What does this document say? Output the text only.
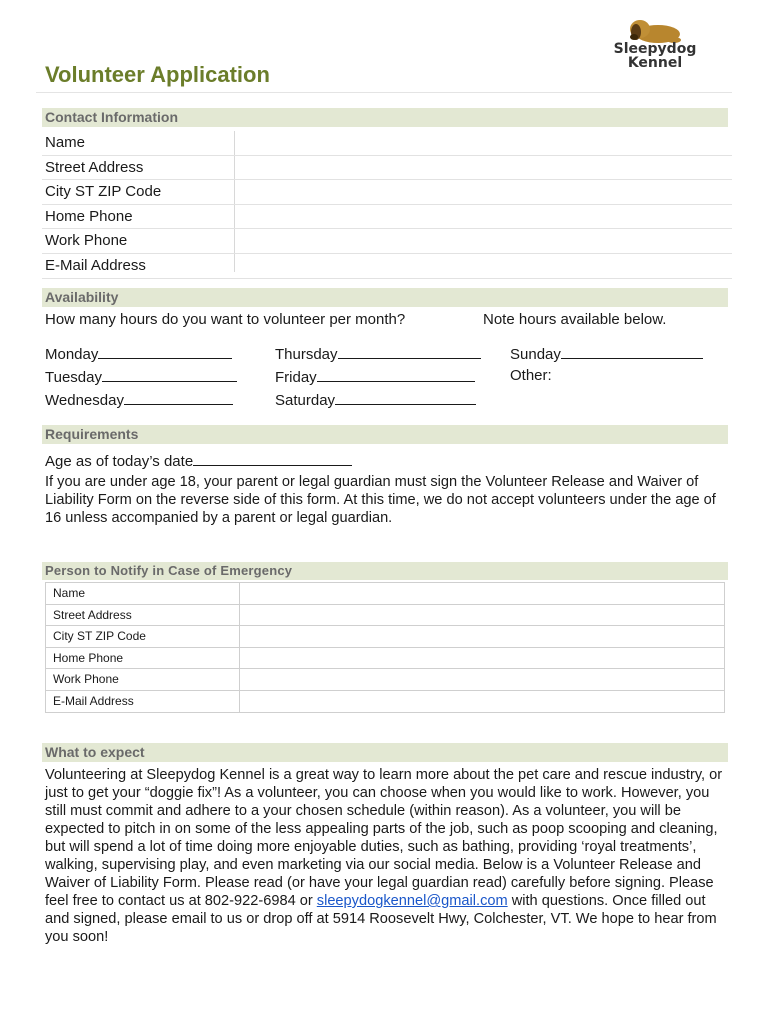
Sleepydog
Kennel
Volunteer Application
Contact Information
Name
Street Address
City ST ZIP Code
Home Phone
Work Phone
E-Mail Address
Availability
How many hours do you want to volunteer per month?	Note hours available below.
Monday
Tuesday
Wednesday
Thursday
Friday
Saturday
Sunday
Other:
Requirements
Age as of today’s date
If you are under age 18, your parent or legal guardian must sign the Volunteer Release and Waiver of Liability Form on the reverse side of this form. At this time, we do not accept volunteers under the age of 16 unless accompanied by a parent or legal guardian.
Person to Notify in Case of Emergency
Name
Street Address
City ST ZIP Code
Home Phone
Work Phone
E-Mail Address
What to expect
Volunteering at Sleepydog Kennel is a great way to learn more about the pet care and rescue industry, or just to get your “doggie fix”! As a volunteer, you can choose when you would like to work. However, you still must commit and adhere to a your chosen schedule (within reason). As a volunteer, you will be expected to pitch in on some of the less appealing parts of the job, such as poop scooping and cleaning, but will spend a lot of time doing more enjoyable duties, such as bathing, providing ‘royal treatments’, walking, supervising play, and even marketing via our social media. Below is a Volunteer Release and Waiver of Liability Form. Please read (or have your legal guardian read) carefully before signing. Please feel free to contact us at 802-922-6984 or sleepydogkennel@gmail.com with questions. Once filled out and signed, please email to us or drop off at 5914 Roosevelt Hwy, Colchester, VT. We hope to hear from you soon!
